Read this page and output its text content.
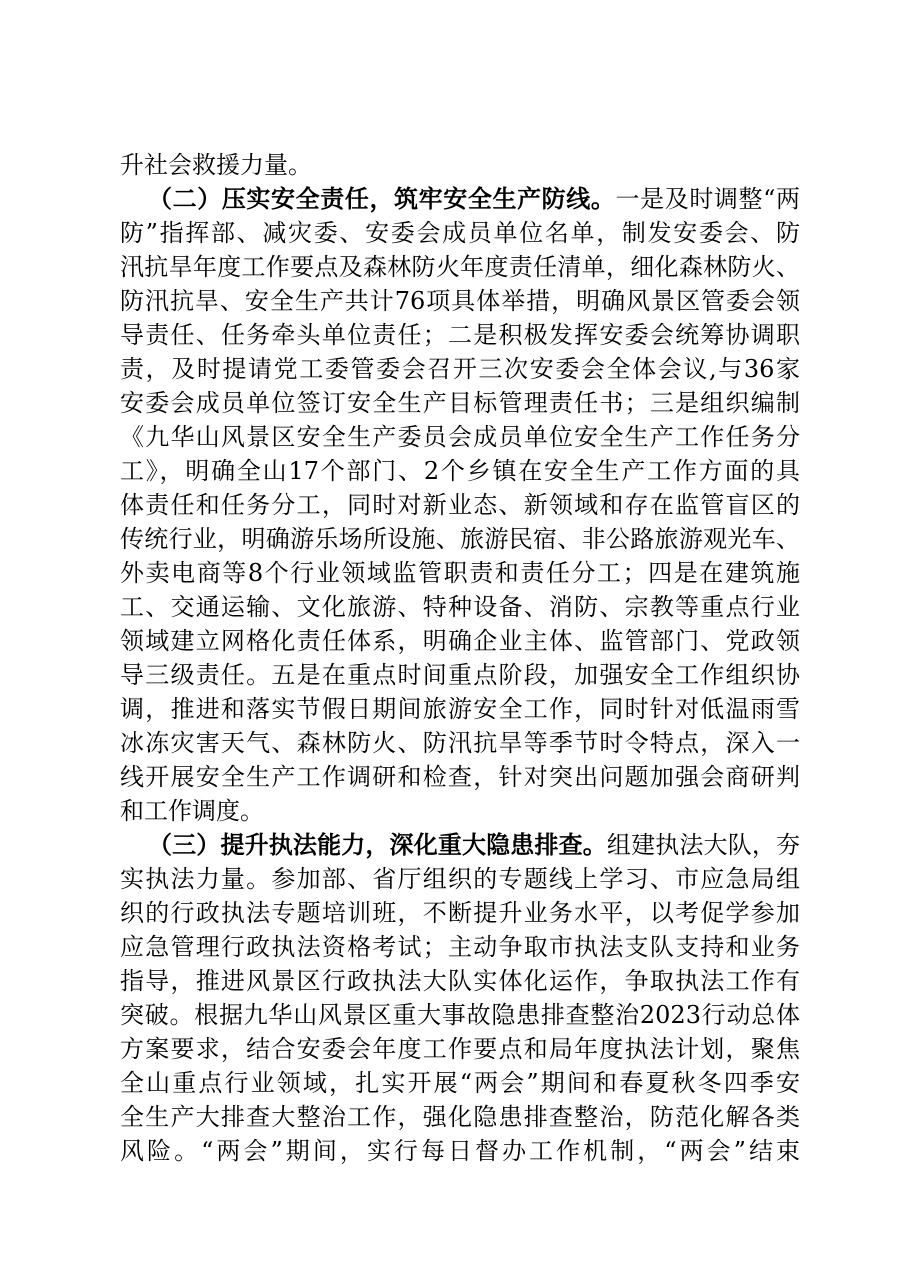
升社会救援力量。
（二）压实安全责任，筑牢安全生产防线。一是及时调整“两
防”指挥部、减灾委、安委会成员单位名单，制发安委会、防
汛抗旱年度工作要点及森林防火年度责任清单，细化森林防火、
防汛抗旱、安全生产共计76项具体举措，明确风景区管委会领
导责任、任务牵头单位责任；二是积极发挥安委会统筹协调职
责，及时提请党工委管委会召开三次安委会全体会议,与36家
安委会成员单位签订安全生产目标管理责任书；三是组织编制
《九华山风景区安全生产委员会成员单位安全生产工作任务分
工》，明确全山17个部门、2个乡镇在安全生产工作方面的具
体责任和任务分工，同时对新业态、新领域和存在监管盲区的
传统行业，明确游乐场所设施、旅游民宿、非公路旅游观光车、
外卖电商等8个行业领域监管职责和责任分工；四是在建筑施
工、交通运输、文化旅游、特种设备、消防、宗教等重点行业
领域建立网格化责任体系，明确企业主体、监管部门、党政领
导三级责任。五是在重点时间重点阶段，加强安全工作组织协
调，推进和落实节假日期间旅游安全工作，同时针对低温雨雪
冰冻灾害天气、森林防火、防汛抗旱等季节时令特点，深入一
线开展安全生产工作调研和检查，针对突出问题加强会商研判
和工作调度。
（三）提升执法能力，深化重大隐患排查。组建执法大队，夯
实执法力量。参加部、省厅组织的专题线上学习、市应急局组
织的行政执法专题培训班，不断提升业务水平，以考促学参加
应急管理行政执法资格考试；主动争取市执法支队支持和业务
指导，推进风景区行政执法大队实体化运作，争取执法工作有
突破。根据九华山风景区重大事故隐患排查整治2023行动总体
方案要求，结合安委会年度工作要点和局年度执法计划，聚焦
全山重点行业领域，扎实开展“两会”期间和春夏秋冬四季安
全生产大排查大整治工作，强化隐患排查整治，防范化解各类
风险。“两会”期间，实行每日督办工作机制，“两会”结束
